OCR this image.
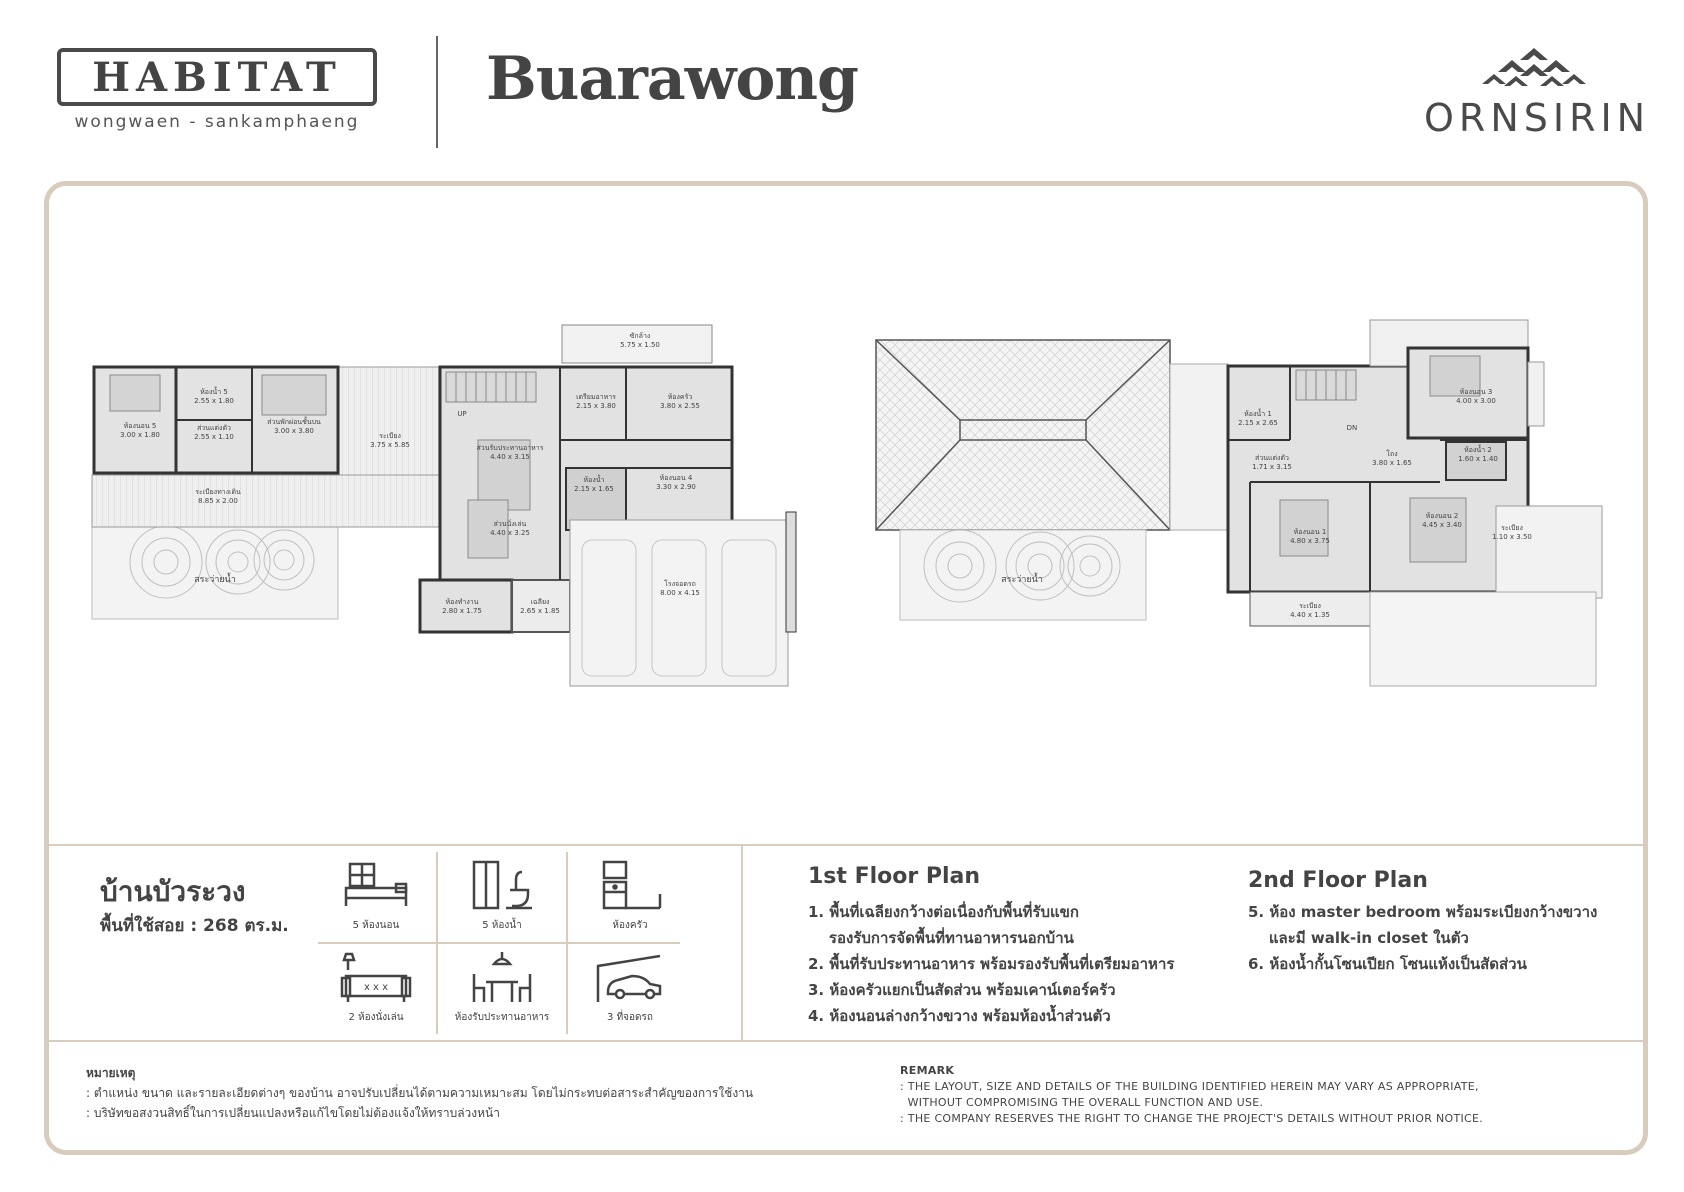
HABITAT
wongwaen - sankamphaeng
Buarawong
ORNSIRIN
ห้องนอน 5
3.00 x 1.80
ห้องน้ำ 5
2.55 x 1.80
ส่วนแต่งตัว
2.55 x 1.10
ส่วนพักผ่อนชั้นบน
3.00 x 3.80
ระเบียง
3.75 x 5.85
ระเบียงทางเดิน
8.85 x 2.00
สระว่ายน้ำ
ส่วนรับประทานอาหาร
4.40 x 3.15
ส่วนนั่งเล่น
4.40 x 3.25
เตรียมอาหาร
2.15 x 3.80
ห้องครัว
3.80 x 2.55
ซักล้าง
5.75 x 1.50
ห้องน้ำ
2.15 x 1.65
ห้องนอน 4
3.30 x 2.90
ห้องทำงาน
2.80 x 1.75
เฉลียง
2.65 x 1.85
โรงจอดรถ
8.00 x 4.15
UP
สระว่ายน้ำ
ห้องน้ำ 1
2.15 x 2.65
ส่วนแต่งตัว
1.71 x 3.15
โถง
3.80 x 1.65
ห้องนอน 3
4.00 x 3.00
ห้องน้ำ 2
1.60 x 1.40
ห้องนอน 1
4.80 x 3.75
ห้องนอน 2
4.45 x 3.40
ระเบียง
4.40 x 1.35
ระเบียง
1.10 x 3.50
DN
บ้านบัวระวง
พื้นที่ใช้สอย : 268 ตร.ม.	5 ห้องนอน	5 ห้องน้ำ	ห้องครัว
x x x
2 ห้องนั่งเล่น	ห้องรับประทานอาหาร	3 ที่จอดรถ
1st Floor Plan
1. พื้นที่เฉลียงกว้างต่อเนื่องกับพื้นที่รับแขก
รองรับการจัดพื้นที่ทานอาหารนอกบ้าน
2. พื้นที่รับประทานอาหาร พร้อมรองรับพื้นที่เตรียมอาหาร
3. ห้องครัวแยกเป็นสัดส่วน พร้อมเคาน์เตอร์ครัว
4. ห้องนอนล่างกว้างขวาง พร้อมห้องน้ำส่วนตัว
2nd Floor Plan
5. ห้อง master bedroom พร้อมระเบียงกว้างขวาง
และมี walk-in closet ในตัว
6. ห้องน้ำกั้นโซนเปียก โซนแห้งเป็นสัดส่วน
หมายเหตุ
: ตำแหน่ง ขนาด และรายละเอียดต่างๆ ของบ้าน อาจปรับเปลี่ยนได้ตามความเหมาะสม โดยไม่กระทบต่อสาระสำคัญของการใช้งาน
: บริษัทขอสงวนสิทธิ์ในการเปลี่ยนแปลงหรือแก้ไขโดยไม่ต้องแจ้งให้ทราบล่วงหน้า
REMARK
: THE LAYOUT, SIZE AND DETAILS OF THE BUILDING IDENTIFIED HEREIN MAY VARY AS APPROPRIATE,
WITHOUT COMPROMISING THE OVERALL FUNCTION AND USE.
: THE COMPANY RESERVES THE RIGHT TO CHANGE THE PROJECT'S DETAILS WITHOUT PRIOR NOTICE.
